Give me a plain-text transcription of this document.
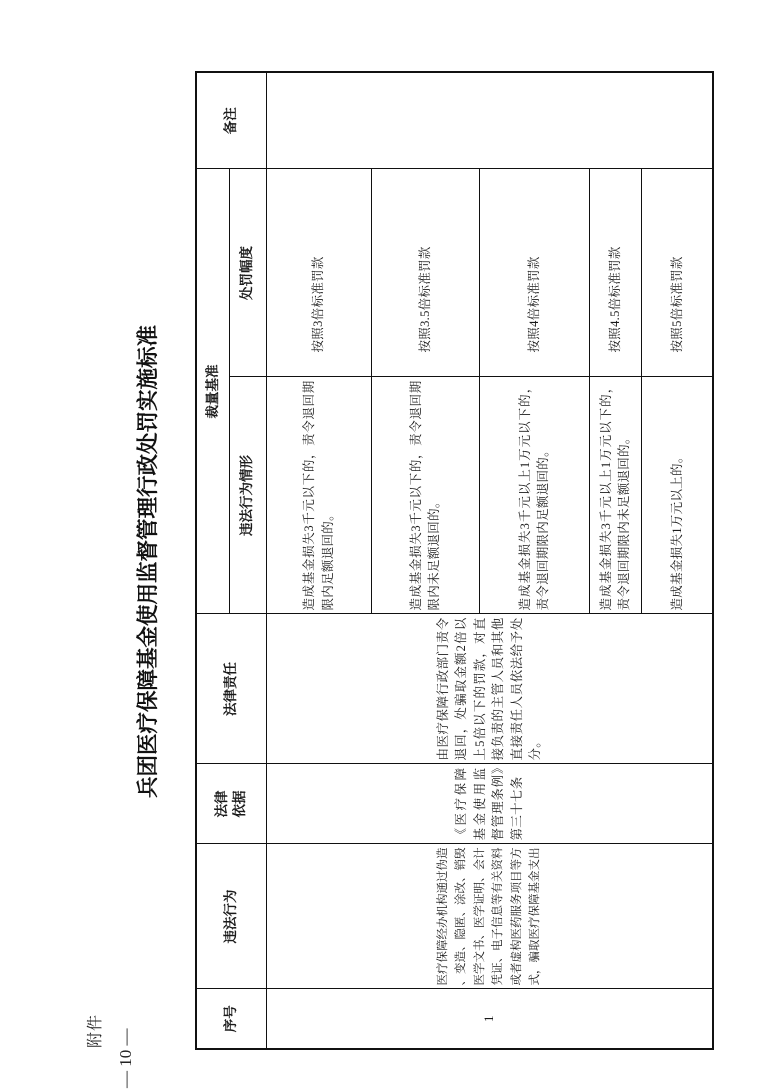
附件 — 10 —
兵团医疗保障基金使用监督管理行政处罚实施标准
序号	违法行为	法律依据	法律责任	裁量基准		备注
				违法行为情形	处罚幅度	
1	医疗保障经办机构通过伪造、变造、隐匿、涂改、销毁医学文书、医学证明、会计凭证、电子信息等有关资料或者虚构医药服务项目等方式，骗取医疗保障基金支出	《医疗保障基金使用监督管理条例》第三十七条	由医疗保障行政部门责令退回，处骗取金额2倍以上5倍以下的罚款，对直接负责的主管人员和其他直接责任人员依法给予处分。	造成基金损失3千元以下的，责令退回期限内足额退回的。	按照3倍标准罚款	
				造成基金损失3千元以下的，责令退回期限内未足额退回的。	按照3.5倍标准罚款	
				造成基金损失3千元以上1万元以下的，责令退回期限内足额退回的。	按照4倍标准罚款	
				造成基金损失3千元以上1万元以下的，责令退回期限内未足额退回的。	按照4.5倍标准罚款	
				造成基金损失1万元以上的。	按照5倍标准罚款	
